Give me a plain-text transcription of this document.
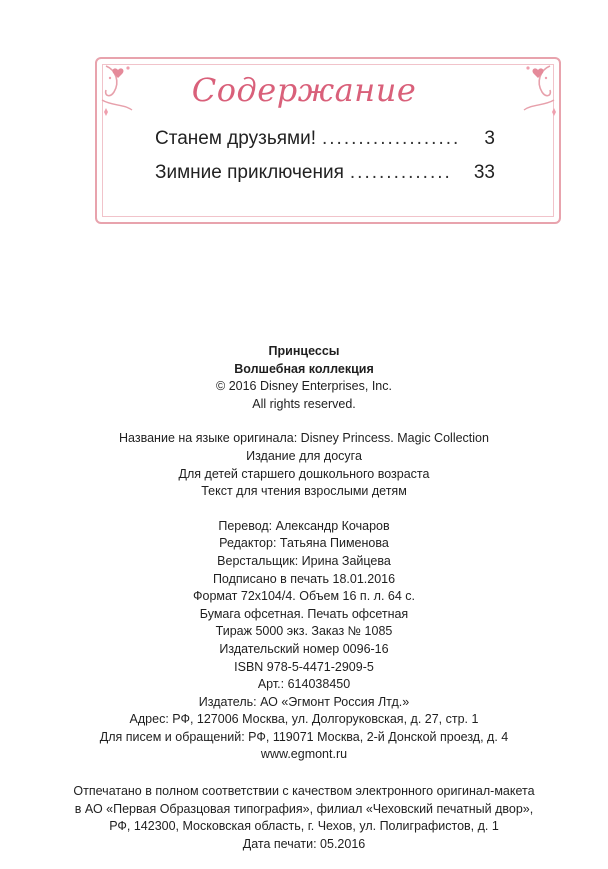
Содержание
Станем друзьями! ...................	3
Зимние приключения ..............	33
Принцессы
Волшебная коллекция
© 2016 Disney Enterprises, Inc.
All rights reserved.
Название на языке оригинала: Disney Princess. Magic Collection
Издание для досуга
Для детей старшего дошкольного возраста
Текст для чтения взрослыми детям
Перевод: Александр Кочаров
Редактор: Татьяна Пименова
Верстальщик: Ирина Зайцева
Подписано в печать 18.01.2016
Формат 72х104/4. Объем 16 п. л. 64 с.
Бумага офсетная. Печать офсетная
Тираж 5000 экз. Заказ № 1085
Издательский номер 0096-16
ISBN 978-5-4471-2909-5
Арт.: 614038450
Издатель: АО «Эгмонт Россия Лтд.»
Адрес: РФ, 127006 Москва, ул. Долгоруковская, д. 27, стр. 1
Для писем и обращений: РФ, 119071 Москва, 2-й Донской проезд, д. 4
www.egmont.ru
Отпечатано в полном соответствии с качеством электронного оригинал-макета
в АО «Первая Образцовая типография», филиал «Чеховский печатный двор»,
РФ, 142300, Московская область, г. Чехов, ул. Полиграфистов, д. 1
Дата печати: 05.2016
